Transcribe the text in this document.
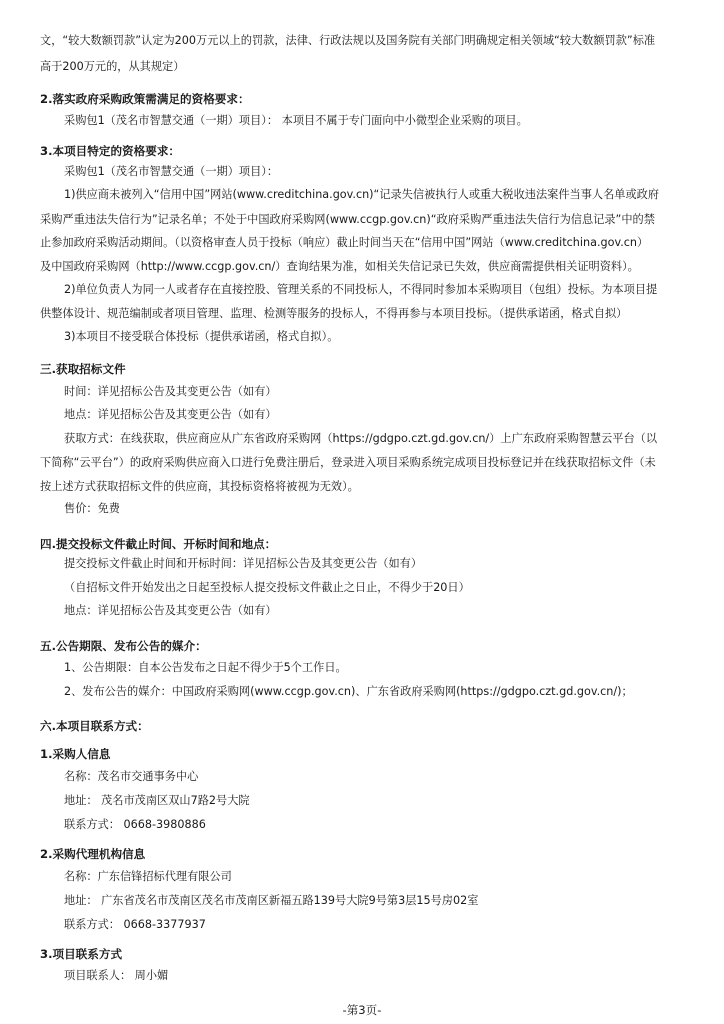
文，“较大数额罚款”认定为200万元以上的罚款，法律、行政法规以及国务院有关部门明确规定相关领域“较大数额罚款”标准
高于200万元的，从其规定）
2.落实政府采购政策需满足的资格要求：
采购包1（茂名市智慧交通（一期）项目）： 本项目不属于专门面向中小微型企业采购的项目。
3.本项目特定的资格要求：
采购包1（茂名市智慧交通（一期）项目）：
1)供应商未被列入“信用中国”网站(www.creditchina.gov.cn)“记录失信被执行人或重大税收违法案件当事人名单或政府
采购严重违法失信行为”记录名单；不处于中国政府采购网(www.ccgp.gov.cn)“政府采购严重违法失信行为信息记录”中的禁
止参加政府采购活动期间。（以资格审查人员于投标（响应）截止时间当天在“信用中国”网站（www.creditchina.gov.cn）
及中国政府采购网（http://www.ccgp.gov.cn/）查询结果为准，如相关失信记录已失效，供应商需提供相关证明资料）。
2)单位负责人为同一人或者存在直接控股、管理关系的不同投标人，不得同时参加本采购项目（包组）投标。为本项目提
供整体设计、规范编制或者项目管理、监理、检测等服务的投标人，不得再参与本项目投标。（提供承诺函，格式自拟）
3)本项目不接受联合体投标（提供承诺函，格式自拟）。
三.获取招标文件
时间：详见招标公告及其变更公告（如有）
地点：详见招标公告及其变更公告（如有）
获取方式：在线获取，供应商应从广东省政府采购网（https://gdgpo.czt.gd.gov.cn/）上广东政府采购智慧云平台（以
下简称“云平台”）的政府采购供应商入口进行免费注册后，登录进入项目采购系统完成项目投标登记并在线获取招标文件（未
按上述方式获取招标文件的供应商，其投标资格将被视为无效）。
售价：免费
四.提交投标文件截止时间、开标时间和地点：
提交投标文件截止时间和开标时间：详见招标公告及其变更公告（如有）
（自招标文件开始发出之日起至投标人提交投标文件截止之日止，不得少于20日）
地点：详见招标公告及其变更公告（如有）
五.公告期限、发布公告的媒介：
1、公告期限：自本公告发布之日起不得少于5个工作日。
2、发布公告的媒介：中国政府采购网(www.ccgp.gov.cn)、广东省政府采购网(https://gdgpo.czt.gd.gov.cn/)；
六.本项目联系方式：
1.采购人信息
名称：茂名市交通事务中心
地址： 茂名市茂南区双山7路2号大院
联系方式： 0668-3980886
2.采购代理机构信息
名称：广东信锋招标代理有限公司
地址： 广东省茂名市茂南区茂名市茂南区新福五路139号大院9号第3层15号房02室
联系方式： 0668-3377937
3.项目联系方式
项目联系人： 周小媚
-第3页-
